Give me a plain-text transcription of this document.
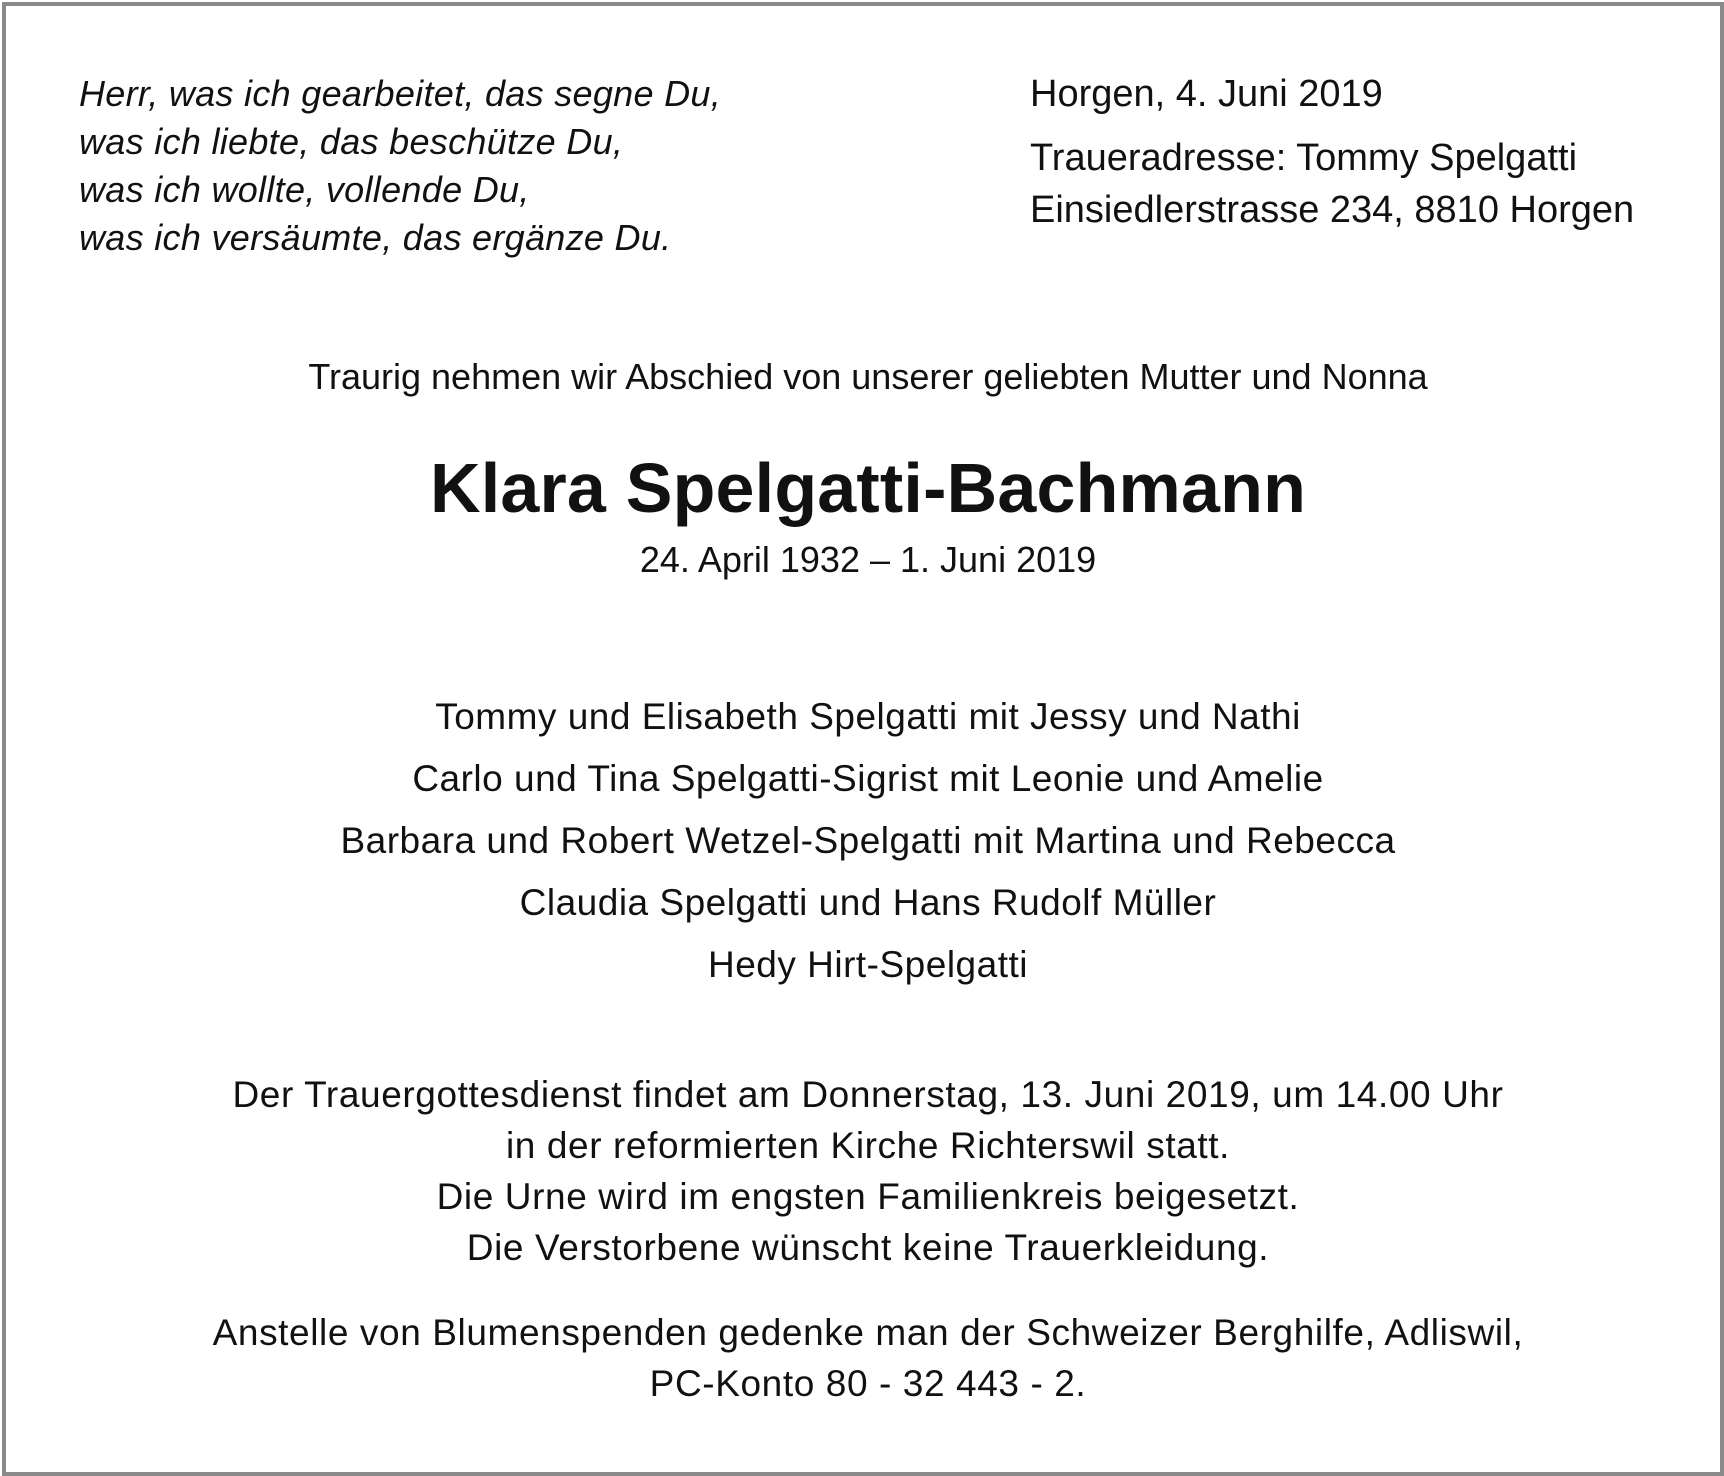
Herr, was ich gearbeitet, das segne Du,
was ich liebte, das beschütze Du,
was ich wollte, vollende Du,
was ich versäumte, das ergänze Du.
Horgen, 4. Juni 2019
Traueradresse: Tommy Spelgatti
Einsiedlerstrasse 234, 8810 Horgen
Traurig nehmen wir Abschied von unserer geliebten Mutter und Nonna
Klara Spelgatti-Bachmann
24. April 1932 – 1. Juni 2019
Tommy und Elisabeth Spelgatti mit Jessy und Nathi
Carlo und Tina Spelgatti-Sigrist mit Leonie und Amelie
Barbara und Robert Wetzel-Spelgatti mit Martina und Rebecca
Claudia Spelgatti und Hans Rudolf Müller
Hedy Hirt-Spelgatti
Der Trauergottesdienst findet am Donnerstag, 13. Juni 2019, um 14.00 Uhr
in der reformierten Kirche Richterswil statt.
Die Urne wird im engsten Familienkreis beigesetzt.
Die Verstorbene wünscht keine Trauerkleidung.
Anstelle von Blumenspenden gedenke man der Schweizer Berghilfe, Adliswil,
PC-Konto 80 - 32 443 - 2.
